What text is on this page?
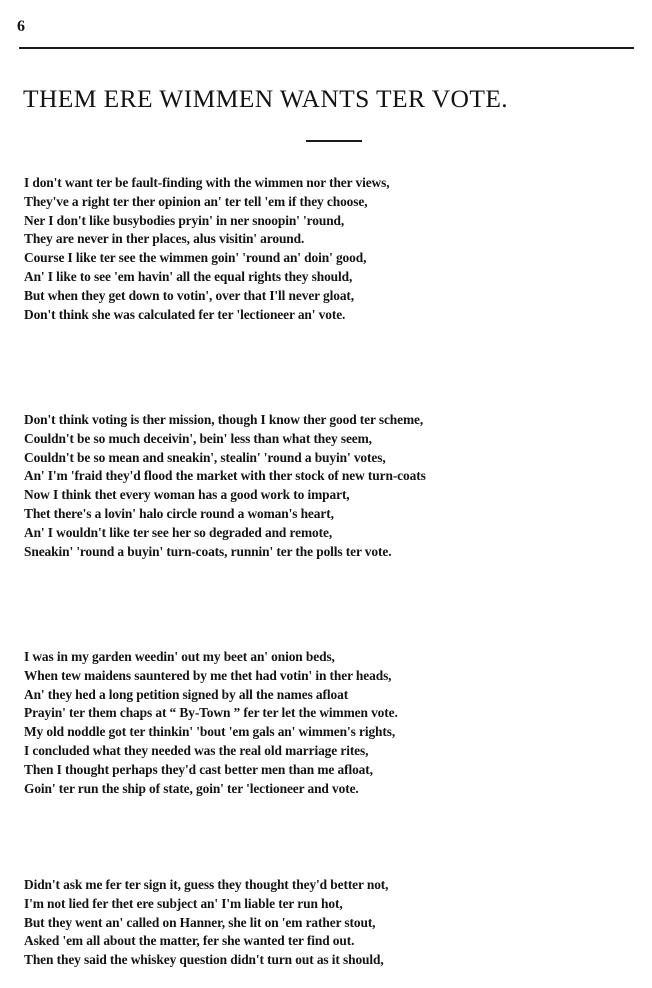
6
THEM ERE WIMMEN WANTS TER VOTE.
I don't want ter be fault-finding with the wimmen nor ther views,
They've a right ter ther opinion an' ter tell 'em if they choose,
Ner I don't like busybodies pryin' in ner snoopin' 'round,
They are never in ther places, alus visitin' around.
Course I like ter see the wimmen goin' 'round an' doin' good,
An' I like to see 'em havin' all the equal rights they should,
But when they get down to votin', over that I'll never gloat,
Don't think she was calculated fer ter 'lectioneer an' vote.
Don't think voting is ther mission, though I know ther good ter scheme,
Couldn't be so much deceivin', bein' less than what they seem,
Couldn't be so mean and sneakin', stealin' 'round a buyin' votes,
An' I'm 'fraid they'd flood the market with ther stock of new turn-coats
Now I think thet every woman has a good work to impart,
Thet there's a lovin' halo circle round a woman's heart,
An' I wouldn't like ter see her so degraded and remote,
Sneakin' 'round a buyin' turn-coats, runnin' ter the polls ter vote.
I was in my garden weedin' out my beet an' onion beds,
When tew maidens sauntered by me thet had votin' in ther heads,
An' they hed a long petition signed by all the names afloat
Prayin' ter them chaps at “ By-Town ” fer ter let the wimmen vote.
My old noddle got ter thinkin' 'bout 'em gals an' wimmen's rights,
I concluded what they needed was the real old marriage rites,
Then I thought perhaps they'd cast better men than me afloat,
Goin' ter run the ship of state, goin' ter 'lectioneer and vote.
Didn't ask me fer ter sign it, guess they thought they'd better not,
I'm not lied fer thet ere subject an' I'm liable ter run hot,
But they went an' called on Hanner, she lit on 'em rather stout,
Asked 'em all about the matter, fer she wanted ter find out.
Then they said the whiskey question didn't turn out as it should,
